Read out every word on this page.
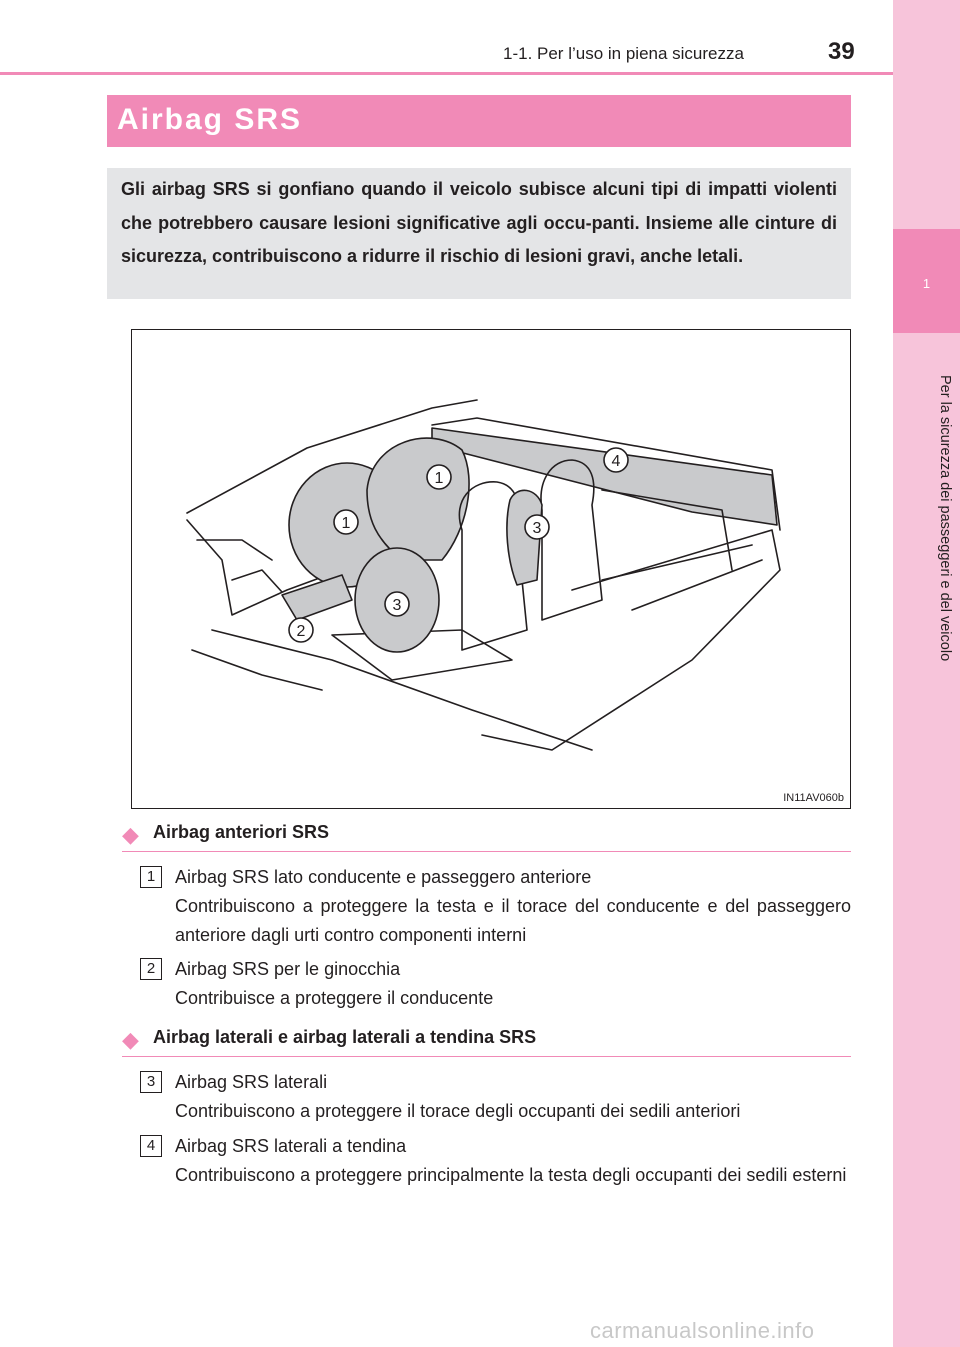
1-1. Per l’uso in piena sicurezza	39
1
Per la sicurezza dei passeggeri e del veicolo
Airbag SRS

Gli airbag SRS si gonfiano quando il veicolo subisce alcuni tipi di impatti violenti che potrebbero causare lesioni significative agli occu-panti. Insieme alle cinture di sicurezza, contribuiscono a ridurre il rischio di lesioni gravi, anche letali.

1
1	3
3
4
2
IN11AV060b
◆ Airbag anteriori SRS
1	Airbag SRS lato conducente e passeggero anteriore
Contribuiscono a proteggere la testa e il torace del conducente e del passeggero anteriore dagli urti contro componenti interni
2	Airbag SRS per le ginocchia
Contribuisce a proteggere il conducente
◆ Airbag laterali e airbag laterali a tendina SRS
3	Airbag SRS laterali
Contribuiscono a proteggere il torace degli occupanti dei sedili anteriori
4	Airbag SRS laterali a tendina
Contribuiscono a proteggere principalmente la testa degli occupanti dei sedili esterni
carmanualsonline.info
